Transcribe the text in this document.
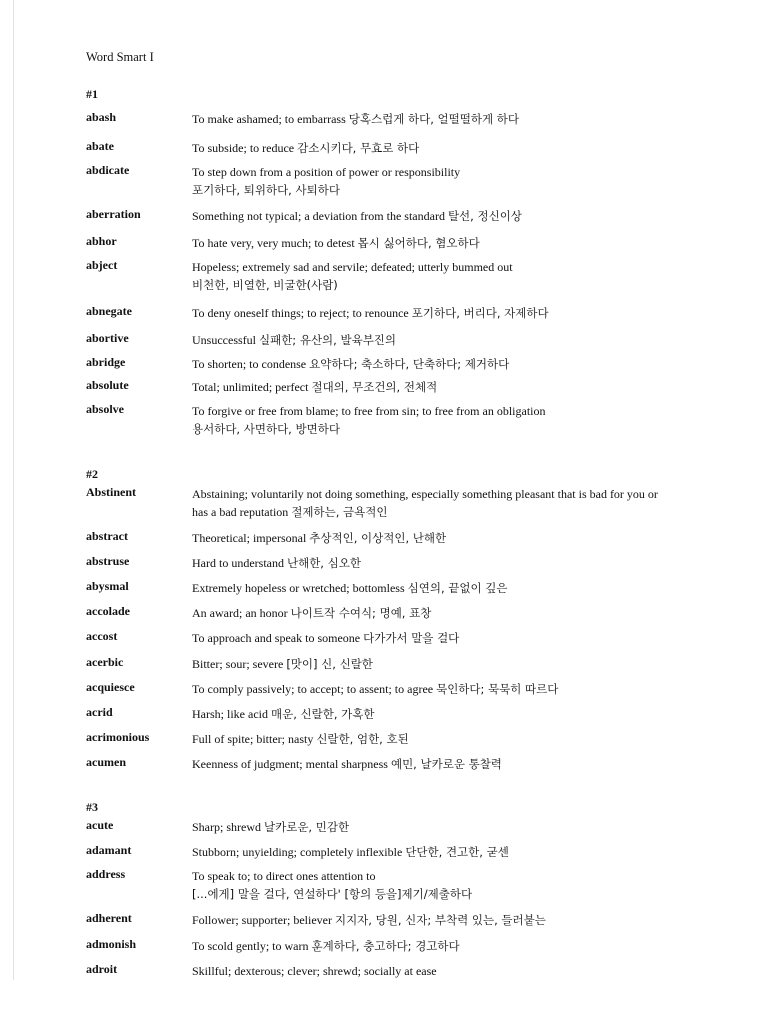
Word Smart I
#1
abash	To make ashamed; to embarrass 당혹스럽게 하다, 얼떨떨하게 하다
abate	To subside; to reduce 감소시키다, 무효로 하다
abdicate	To step down from a position of power or responsibility
포기하다, 퇴위하다, 사퇴하다
aberration	Something not typical; a deviation from the standard 탈선, 정신이상
abhor	To hate very, very much; to detest 몹시 싫어하다, 혐오하다
abject	Hopeless; extremely sad and servile; defeated; utterly bummed out
비천한, 비열한, 비굴한(사람)
abnegate	To deny oneself things; to reject; to renounce 포기하다, 버리다, 자제하다
abortive	Unsuccessful 실패한; 유산의, 발육부진의
abridge	To shorten; to condense 요약하다; 축소하다, 단축하다; 제거하다
absolute	Total; unlimited; perfect 절대의, 무조건의, 전체적
absolve	To forgive or free from blame; to free from sin; to free from an obligation
용서하다, 사면하다, 방면하다
#2
Abstinent	Abstaining; voluntarily not doing something, especially something pleasant that is bad for you or has a bad reputation 절제하는, 금욕적인
abstract	Theoretical; impersonal 추상적인, 이상적인, 난해한
abstruse	Hard to understand 난해한, 심오한
abysmal	Extremely hopeless or wretched; bottomless 심연의, 끝없이 깊은
accolade	An award; an honor 나이트작 수여식; 명예, 표창
accost	To approach and speak to someone 다가가서 말을 걸다
acerbic	Bitter; sour; severe [맛이] 신, 신랄한
acquiesce	To comply passively; to accept; to assent; to agree 묵인하다; 묵묵히 따르다
acrid	Harsh; like acid 매운, 신랄한, 가혹한
acrimonious	Full of spite; bitter; nasty 신랄한, 엄한, 호된
acumen	Keenness of judgment; mental sharpness 예민, 날카로운 통찰력
#3
acute	Sharp; shrewd 날카로운, 민감한
adamant	Stubborn; unyielding; completely inflexible 단단한, 견고한, 굳센
address	To speak to; to direct ones attention to
[...에게] 말을 걸다, 연설하다' [항의 등을]제기/제출하다
adherent	Follower; supporter; believer 지지자, 당원, 신자; 부착력 있는, 들러붙는
admonish	To scold gently; to warn 훈계하다, 충고하다; 경고하다
adroit	Skillful; dexterous; clever; shrewd; socially at ease
